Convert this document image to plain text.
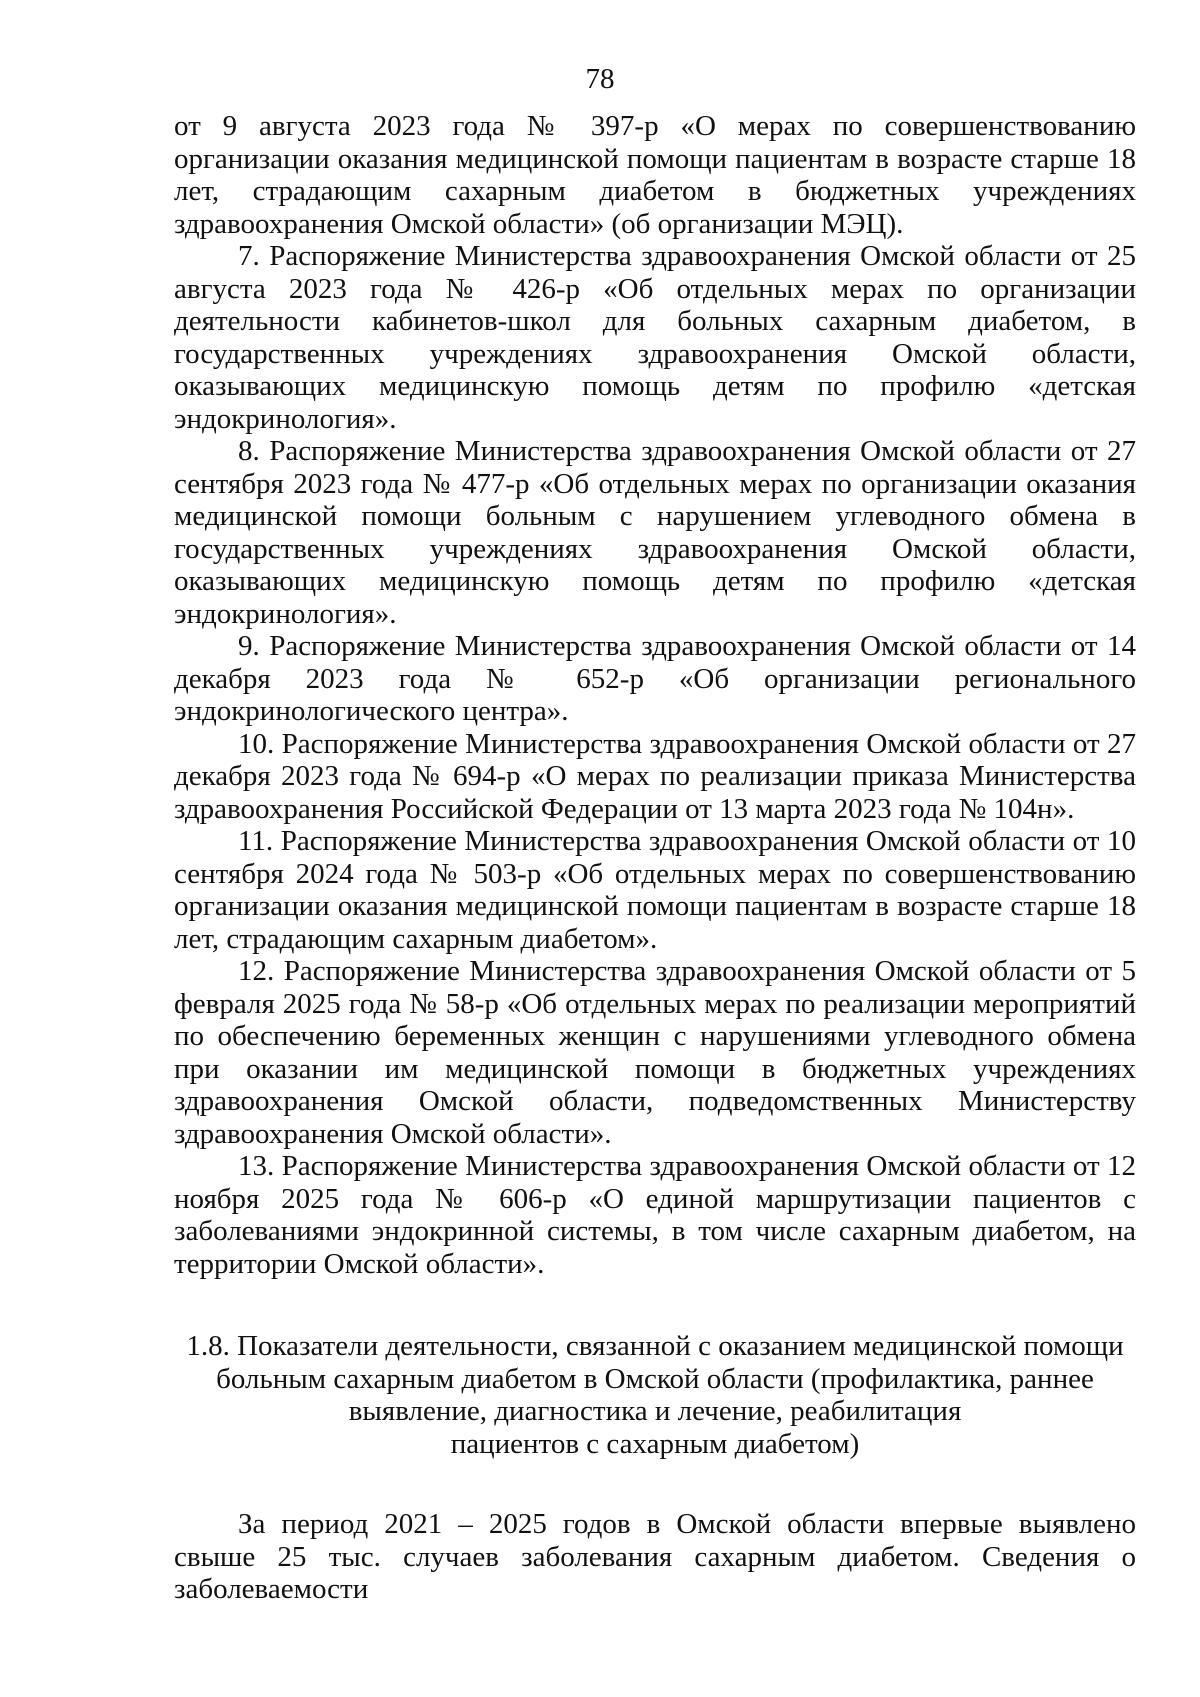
78

от 9 августа 2023 года № 397-р «О мерах по совершенствованию организации оказания медицинской помощи пациентам в возрасте старше 18 лет, страдающим сахарным диабетом в бюджетных учреждениях здравоохранения Омской области» (об организации МЭЦ).

7. Распоряжение Министерства здравоохранения Омской области от 25 августа 2023 года № 426-р «Об отдельных мерах по организации деятельности кабинетов-школ для больных сахарным диабетом, в государственных учреждениях здравоохранения Омской области, оказывающих медицинскую помощь детям по профилю «детская эндокринология».

8. Распоряжение Министерства здравоохранения Омской области от 27 сентября 2023 года № 477-р «Об отдельных мерах по организации оказания медицинской помощи больным с нарушением углеводного обмена в государственных учреждениях здравоохранения Омской области, оказывающих медицинскую помощь детям по профилю «детская эндокринология».

9. Распоряжение Министерства здравоохранения Омской области от 14 декабря 2023 года № 652-р «Об организации регионального эндокринологического центра».

10. Распоряжение Министерства здравоохранения Омской области от 27 декабря 2023 года № 694-р «О мерах по реализации приказа Министерства здравоохранения Российской Федерации от 13 марта 2023 года № 104н».

11. Распоряжение Министерства здравоохранения Омской области от 10 сентября 2024 года № 503-р «Об отдельных мерах по совершенствованию организации оказания медицинской помощи пациентам в возрасте старше 18 лет, страдающим сахарным диабетом».

12. Распоряжение Министерства здравоохранения Омской области от 5 февраля 2025 года № 58-р «Об отдельных мерах по реализации мероприятий по обеспечению беременных женщин с нарушениями углеводного обмена при оказании им медицинской помощи в бюджетных учреждениях здравоохранения Омской области, подведомственных Министерству здравоохранения Омской области».

13. Распоряжение Министерства здравоохранения Омской области от 12 ноября 2025 года № 606-р «О единой маршрутизации пациентов с заболеваниями эндокринной системы, в том числе сахарным диабетом, на территории Омской области».

1.8. Показатели деятельности, связанной с оказанием медицинской помощи
больным сахарным диабетом в Омской области (профилактика, раннее
выявление, диагностика и лечение, реабилитация
пациентов с сахарным диабетом)

За период 2021 – 2025 годов в Омской области впервые выявлено свыше 25 тыс. случаев заболевания сахарным диабетом. Сведения о заболеваемости
